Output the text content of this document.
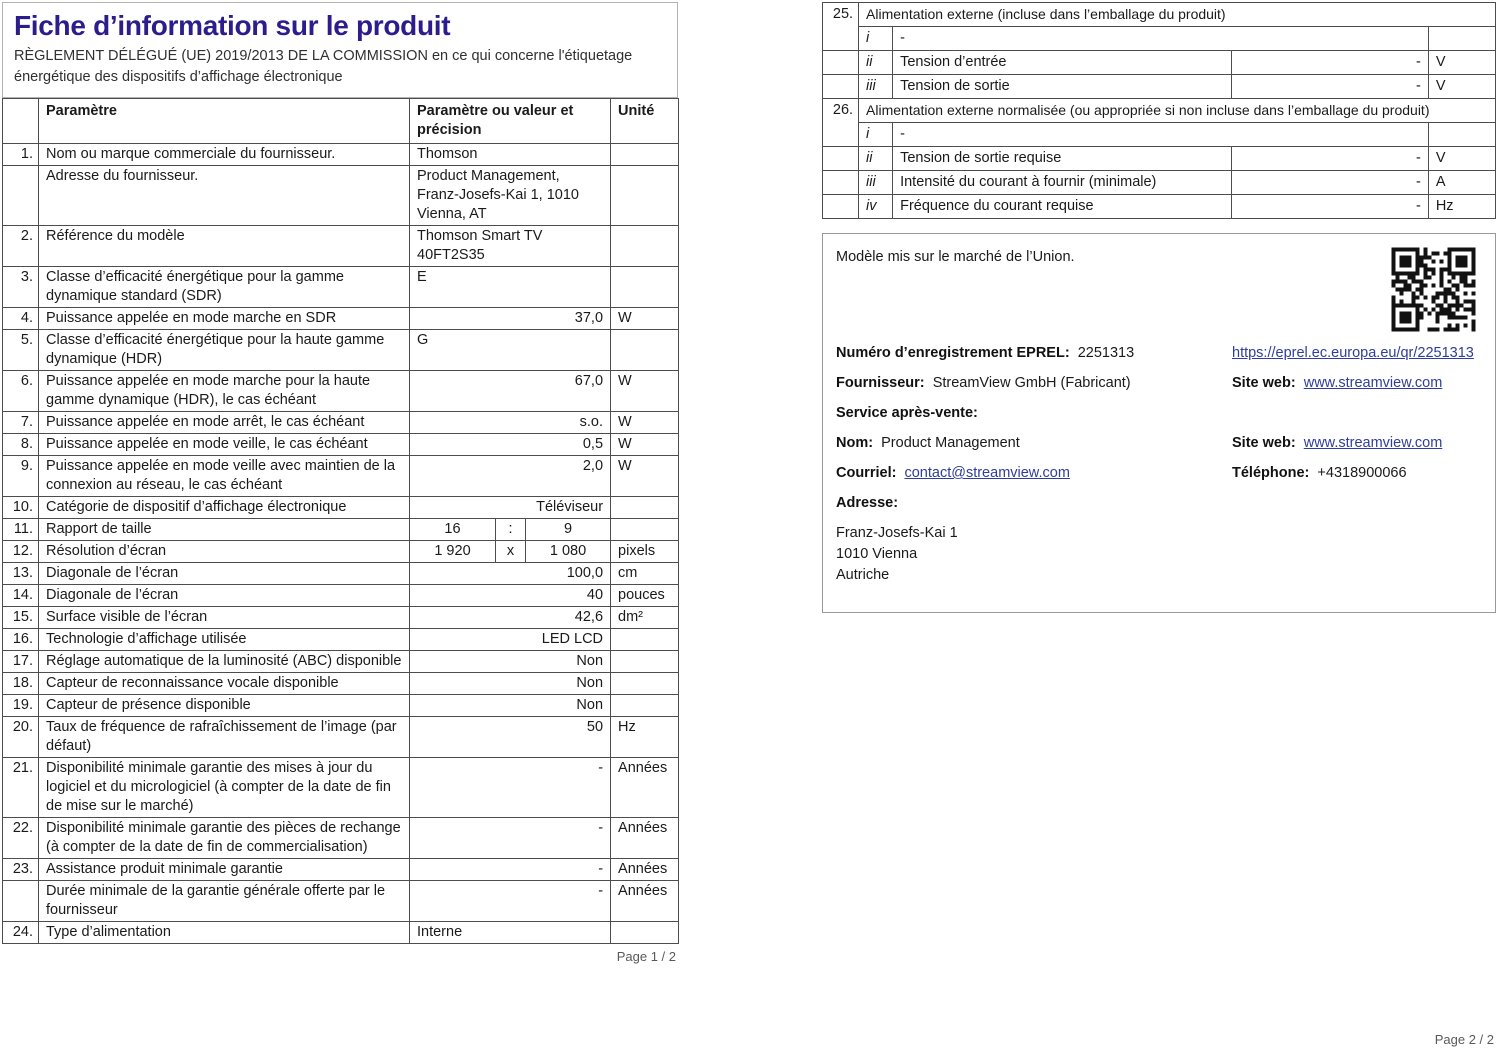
Fiche d’information sur le produit

RÈGLEMENT DÉLÉGUÉ (UE) 2019/2013 DE LA COMMISSION en ce qui concerne l'étiquetage énergétique des dispositifs d’affichage électronique

	Paramètre	Paramètre ou valeur et précision			Unité
1.	Nom ou marque commerciale du fournisseur.	Thomson			
	Adresse du fournisseur.	Product Management, Franz-Josefs-Kai 1, 1010 Vienna, AT			
2.	Référence du modèle	Thomson Smart TV 40FT2S35			
3.	Classe d’efficacité énergétique pour la gamme dynamique standard (SDR)	E			
4.	Puissance appelée en mode marche en SDR	37,0			W
5.	Classe d’efficacité énergétique pour la haute gamme dynamique (HDR)	G			
6.	Puissance appelée en mode marche pour la haute gamme dynamique (HDR), le cas échéant	67,0			W
7.	Puissance appelée en mode arrêt, le cas échéant	s.o.			W
8.	Puissance appelée en mode veille, le cas échéant	0,5			W
9.	Puissance appelée en mode veille avec maintien de la connexion au réseau, le cas échéant	2,0			W
10.	Catégorie de dispositif d’affichage électronique	Téléviseur			
11.	Rapport de taille	16	:	9	
12.	Résolution d’écran	1 920	x	1 080	pixels
13.	Diagonale de l’écran	100,0			cm
14.	Diagonale de l’écran	40			pouces
15.	Surface visible de l’écran	42,6			dm²
16.	Technologie d’affichage utilisée	LED LCD			
17.	Réglage automatique de la luminosité (ABC) disponible	Non			
18.	Capteur de reconnaissance vocale disponible	Non			
19.	Capteur de présence disponible	Non			
20.	Taux de fréquence de rafraîchissement de l’image (par défaut)	50			Hz
21.	Disponibilité minimale garantie des mises à jour du logiciel et du micrologiciel (à compter de la date de fin de mise sur le marché)	-			Années
22.	Disponibilité minimale garantie des pièces de rechange (à compter de la date de fin de commercialisation)	-			Années
23.	Assistance produit minimale garantie	-			Années
	Durée minimale de la garantie générale offerte par le fournisseur	-			Années
24.	Type d’alimentation	Interne			
Page 1 / 2
25.	Alimentation externe (incluse dans l’emballage du produit)			
	i	-		
	ii	Tension d’entrée	-	V
	iii	Tension de sortie	-	V
26.	Alimentation externe normalisée (ou appropriée si non incluse dans l’emballage du produit)			
	i	-		
	ii	Tension de sortie requise	-	V
	iii	Intensité du courant à fournir (minimale)	-	A
	iv	Fréquence du courant requise	-	Hz
Modèle mis sur le marché de l’Union.
Numéro d’enregistrement EPREL: 2251313	https://eprel.ec.europa.eu/qr/2251313
Fournisseur: StreamView GmbH (Fabricant)	Site web: www.streamview.com
Service après-vente:
Nom: Product Management	Site web: www.streamview.com
Courriel: contact@streamview.com	Téléphone: +4318900066
Adresse:
Franz-Josefs-Kai 1
1010 Vienna
Autriche
Page 2 / 2
